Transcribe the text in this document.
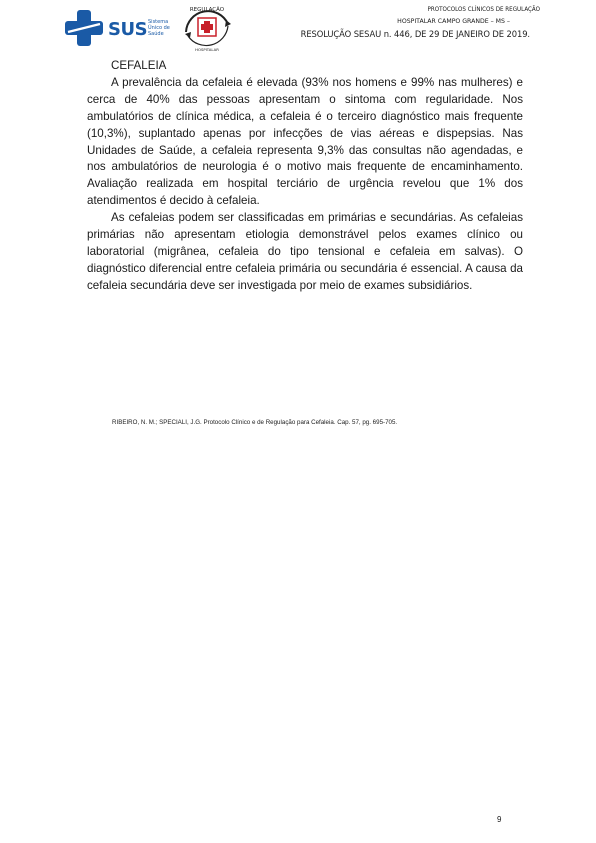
SUS Sistema Único de Saúde
REGULAÇÃO
HOSPITALAR
PROTOCOLOS CLÍNICOS DE REGULAÇÃO
HOSPITALAR CAMPO GRANDE – MS –
RESOLUÇÃO SESAU n. 446, DE 29 DE JANEIRO DE 2019.
CEFALEIA

A prevalência da cefaleia é elevada (93% nos homens e 99% nas mulheres) e cerca de 40% das pessoas apresentam o sintoma com regularidade. Nos ambulatórios de clínica médica, a cefaleia é o terceiro diagnóstico mais frequente (10,3%), suplantado apenas por infecções de vias aéreas e dispepsias. Nas Unidades de Saúde, a cefaleia representa 9,3% das consultas não agendadas, e nos ambulatórios de neurologia é o motivo mais frequente de encaminhamento. Avaliação realizada em hospital terciário de urgência revelou que 1% dos atendimentos é decido à cefaleia.

As cefaleias podem ser classificadas em primárias e secundárias. As cefaleias primárias não apresentam etiologia demonstrável pelos exames clínico ou laboratorial (migrânea, cefaleia do tipo tensional e cefaleia em salvas). O diagnóstico diferencial entre cefaleia primária ou secundária é essencial. A causa da cefaleia secundária deve ser investigada por meio de exames subsidiários.

RIBEIRO, N. M.; SPECIALI, J.G. Protocolo Clínico e de Regulação para Cefaleia. Cap. 57, pg. 695-705.
9
